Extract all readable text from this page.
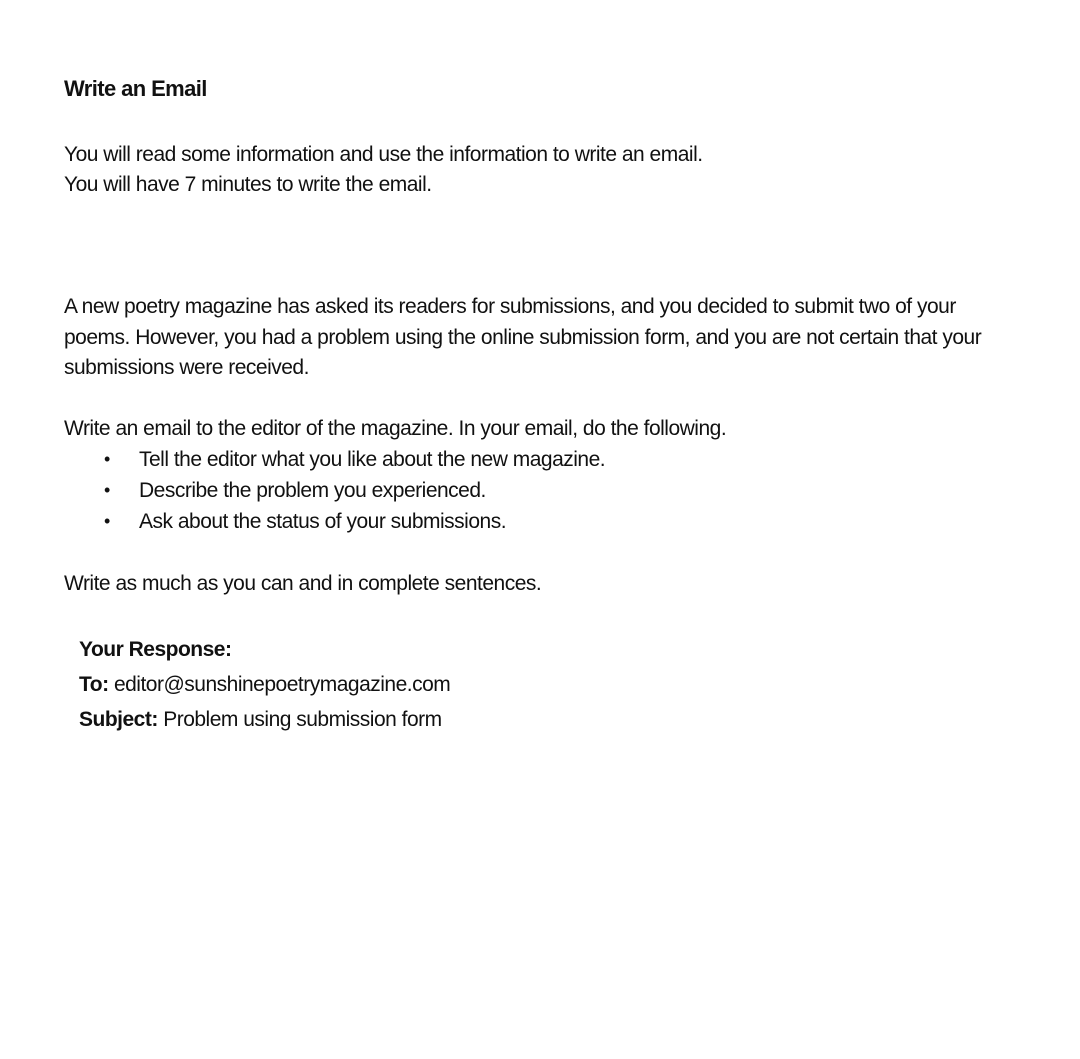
Write an Email
You will read some information and use the information to write an email.
You will have 7 minutes to write the email.
A new poetry magazine has asked its readers for submissions, and you decided to submit two of your poems. However, you had a problem using the online submission form, and you are not certain that your submissions were received.
Write an email to the editor of the magazine. In your email, do the following.
• Tell the editor what you like about the new magazine.
• Describe the problem you experienced.
• Ask about the status of your submissions.
Write as much as you can and in complete sentences.
Your Response:
To: editor@sunshinepoetrymagazine.com
Subject: Problem using submission form
